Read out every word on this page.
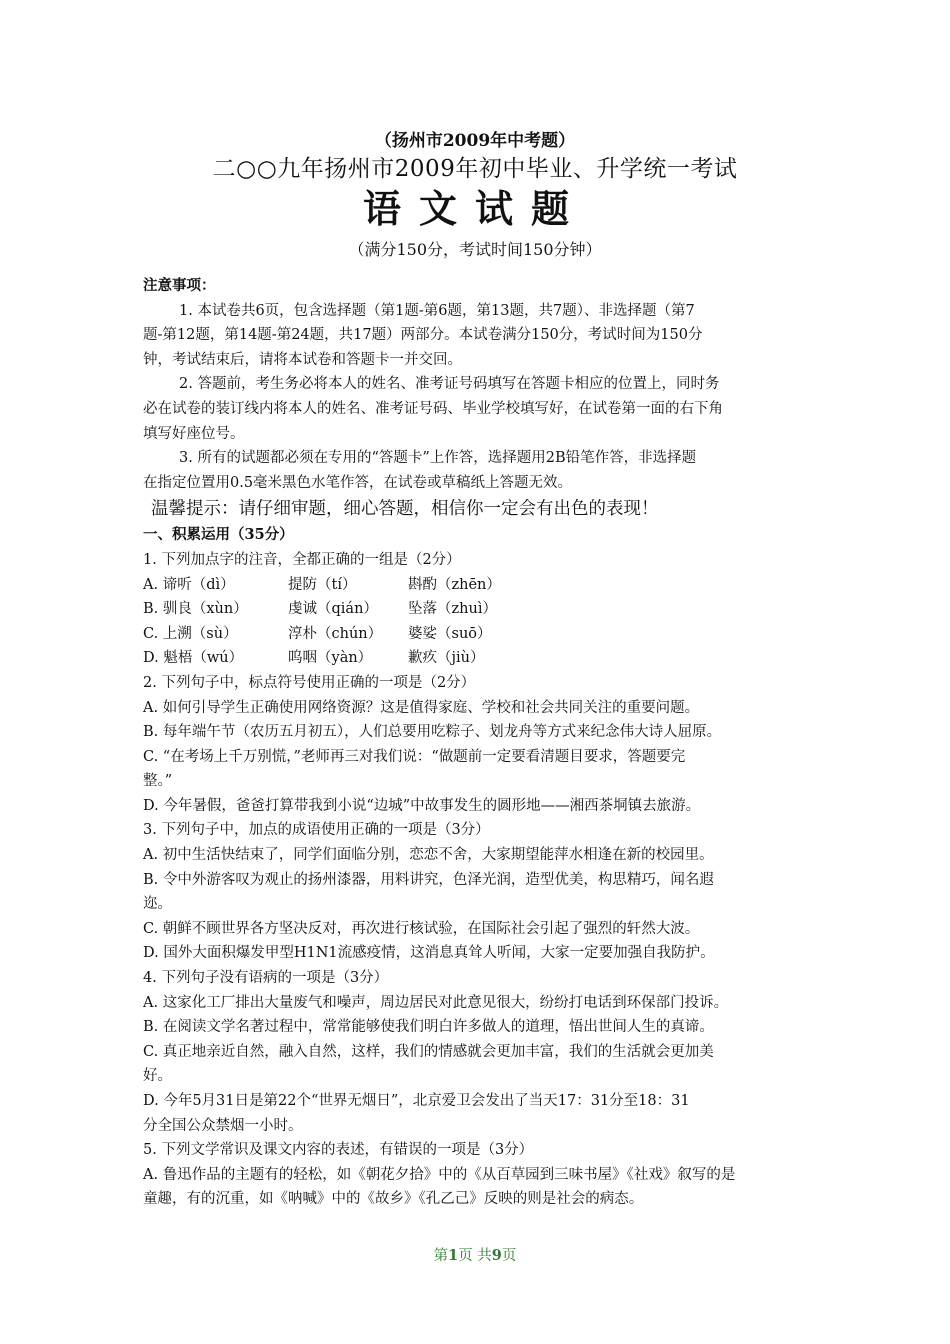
（扬州市2009年中考题）
二○○九年扬州市2009年初中毕业、升学统一考试
语文试题
（满分150分，考试时间150分钟）
注意事项：
1. 本试卷共6页，包含选择题（第1题-第6题，第13题，共7题）、非选择题（第7
题-第12题，第14题-第24题，共17题）两部分。本试卷满分150分，考试时间为150分
钟，考试结束后，请将本试卷和答题卡一并交回。
2. 答题前，考生务必将本人的姓名、准考证号码填写在答题卡相应的位置上，同时务
必在试卷的装订线内将本人的姓名、准考证号码、毕业学校填写好，在试卷第一面的右下角
填写好座位号。
3. 所有的试题都必须在专用的“答题卡”上作答，选择题用2B铅笔作答，非选择题
在指定位置用0.5毫米黑色水笔作答，在试卷或草稿纸上答题无效。
温馨提示：请仔细审题，细心答题，相信你一定会有出色的表现！
一、积累运用（35分）
1. 下列加点字的注音，全都正确的一组是（2分）
A. 谛听（dì）	提防（tí）	斟酌（zhēn）
B. 驯良（xùn）	虔诚（qián）	坠落（zhuì）
C. 上溯（sù）	淳朴（chún）	婆娑（suō）
D. 魁梧（wú）	呜咽（yàn）	歉疚（jiù）
2. 下列句子中，标点符号使用正确的一项是（2分）
A. 如何引导学生正确使用网络资源？这是值得家庭、学校和社会共同关注的重要问题。
B. 每年端午节（农历五月初五），人们总要用吃粽子、划龙舟等方式来纪念伟大诗人屈原。
C. “在考场上千万别慌，”老师再三对我们说：“做题前一定要看清题目要求，答题要完
整。”
D. 今年暑假，爸爸打算带我到小说“边城”中故事发生的圆形地——湘西茶垌镇去旅游。
3. 下列句子中，加点的成语使用正确的一项是（3分）
A. 初中生活快结束了，同学们面临分别，恋恋不舍，大家期望能萍水相逢在新的校园里。
B. 令中外游客叹为观止的扬州漆器，用料讲究，色泽光润，造型优美，构思精巧，闻名遐
迩。
C. 朝鲜不顾世界各方坚决反对，再次进行核试验，在国际社会引起了强烈的轩然大波。
D. 国外大面积爆发甲型H1N1流感疫情，这消息真耸人听闻，大家一定要加强自我防护。
4. 下列句子没有语病的一项是（3分）
A. 这家化工厂排出大量废气和噪声，周边居民对此意见很大，纷纷打电话到环保部门投诉。
B. 在阅读文学名著过程中，常常能够使我们明白许多做人的道理，悟出世间人生的真谛。
C. 真正地亲近自然，融入自然，这样，我们的情感就会更加丰富，我们的生活就会更加美
好。
D. 今年5月31日是第22个“世界无烟日”，北京爱卫会发出了当天17：31分至18：31
分全国公众禁烟一小时。
5. 下列文学常识及课文内容的表述，有错误的一项是（3分）
A. 鲁迅作品的主题有的轻松，如《朝花夕拾》中的《从百草园到三味书屋》《社戏》叙写的是
童趣，有的沉重，如《呐喊》中的《故乡》《孔乙己》反映的则是社会的病态。
第1页 共9页
